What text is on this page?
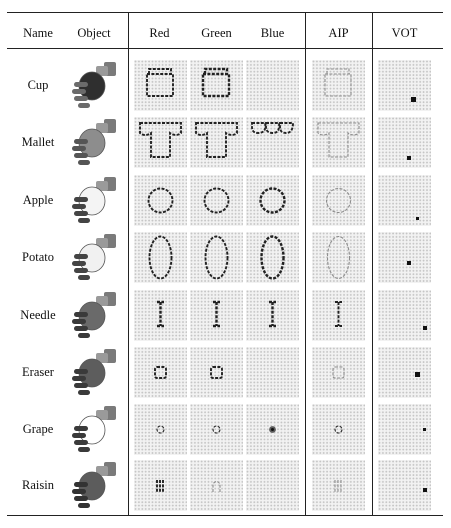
Name	Object	Red	Green	Blue	AIP	VOT
Cup
Mallet
Apple
Potato
Needle
Eraser
Grape
Raisin
